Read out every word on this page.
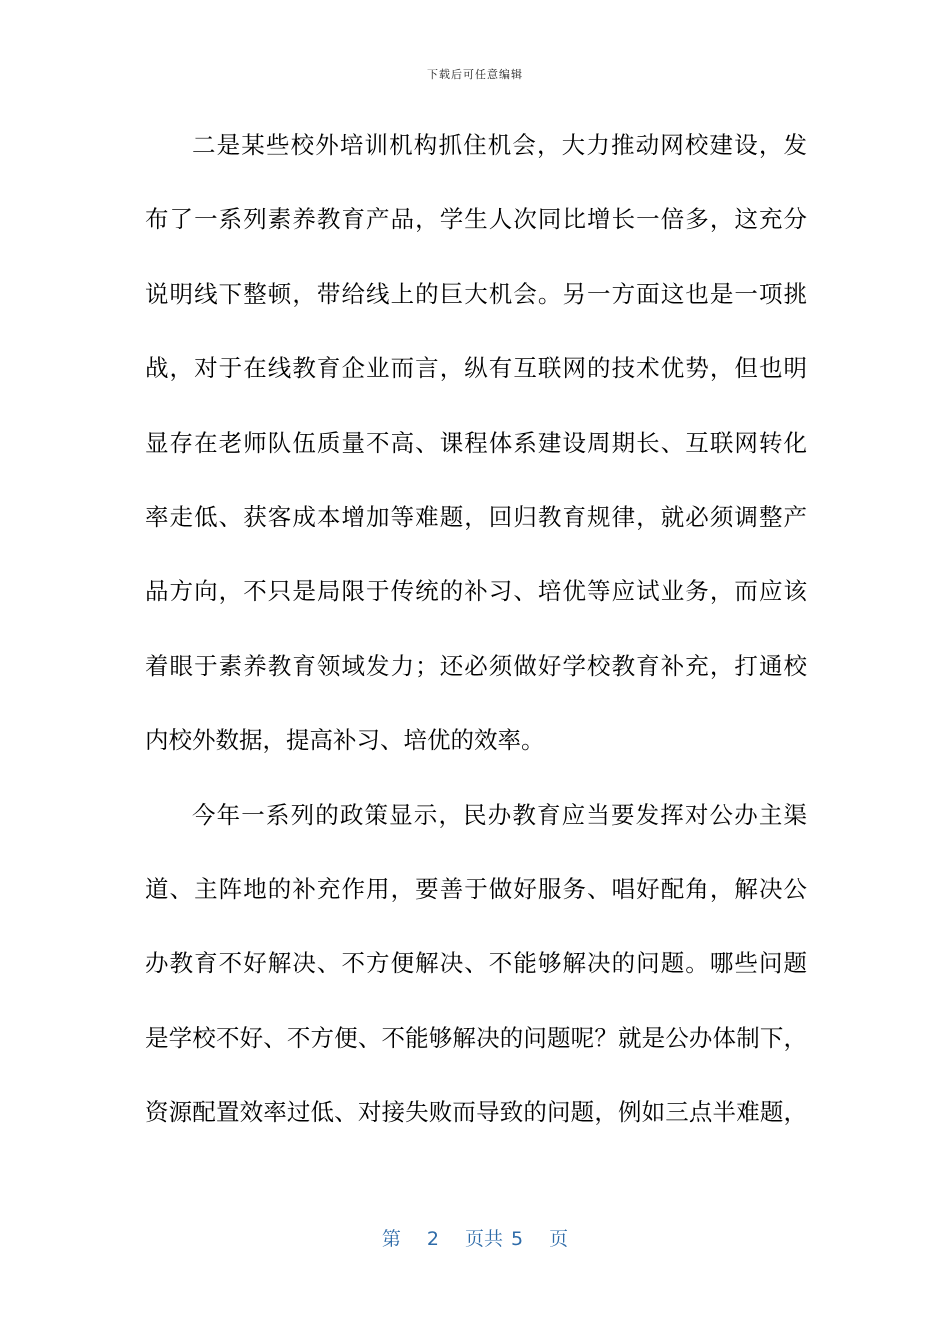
下载后可任意编辑
二是某些校外培训机构抓住机会，大力推动网校建设，发
布了一系列素养教育产品，学生人次同比增长一倍多，这充分
说明线下整顿，带给线上的巨大机会。另一方面这也是一项挑
战，对于在线教育企业而言，纵有互联网的技术优势，但也明
显存在老师队伍质量不高、课程体系建设周期长、互联网转化
率走低、获客成本增加等难题，回归教育规律，就必须调整产
品方向，不只是局限于传统的补习、培优等应试业务，而应该
着眼于素养教育领域发力；还必须做好学校教育补充，打通校
内校外数据，提高补习、培优的效率。
今年一系列的政策显示，民办教育应当要发挥对公办主渠
道、主阵地的补充作用，要善于做好服务、唱好配角，解决公
办教育不好解决、不方便解决、不能够解决的问题。哪些问题
是学校不好、不方便、不能够解决的问题呢？就是公办体制下，
资源配置效率过低、对接失败而导致的问题，例如三点半难题，
第 2 页共 5 页
